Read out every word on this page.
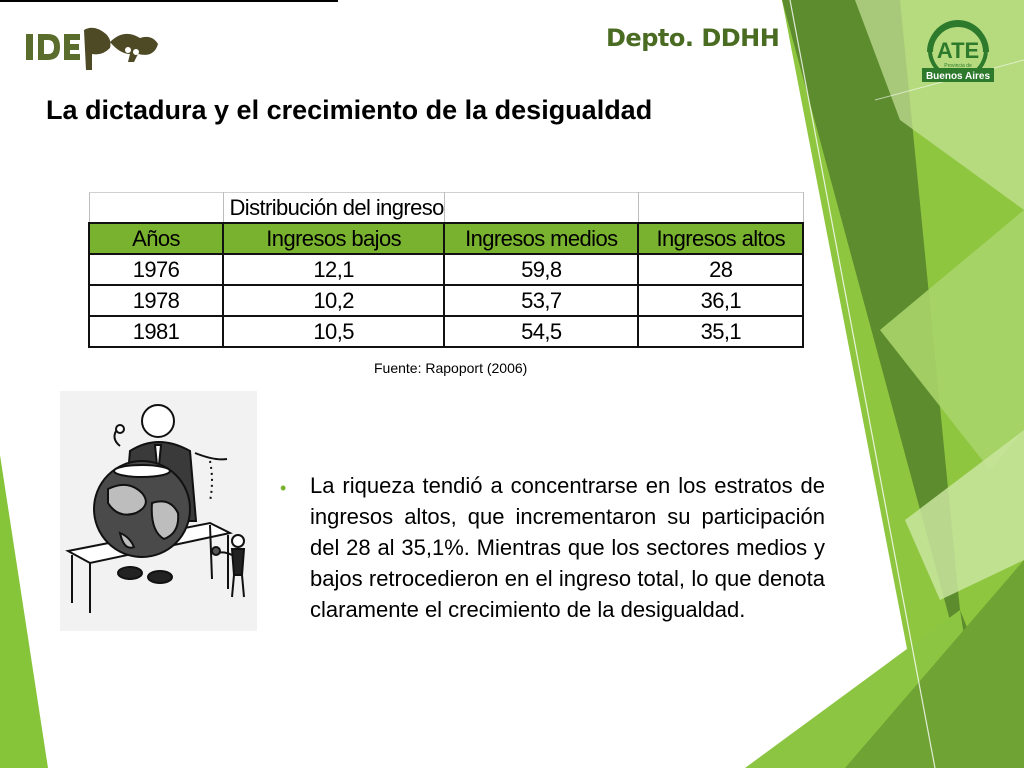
Depto. DDHH	ATE
Provincia de
Buenos Aires
La dictadura y el crecimiento de la desigualdad
	Distribución del ingreso		
Años	Ingresos bajos	Ingresos medios	Ingresos altos
1976	12,1	59,8	28
1978	10,2	53,7	36,1
1981	10,5	54,5	35,1
Fuente: Rapoport (2006)
• La riqueza tendió a concentrarse en los estratos de ingresos altos, que incrementaron su participación del 28 al 35,1%. Mientras que los sectores medios y bajos retrocedieron en el ingreso total, lo que denota claramente el crecimiento de la desigualdad.
